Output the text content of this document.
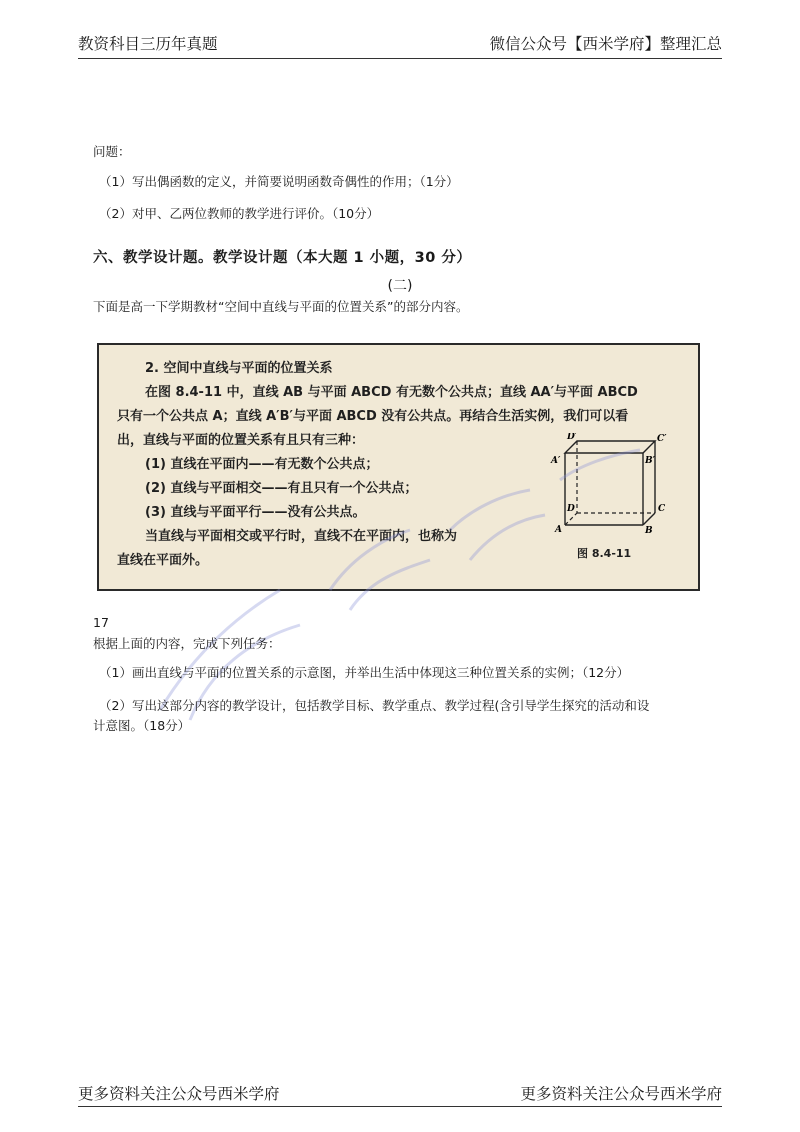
教资科目三历年真题	微信公众号【西米学府】整理汇总
问题：
（1）写出偶函数的定义，并简要说明函数奇偶性的作用；（1分）
（2）对甲、乙两位教师的教学进行评价。（10分）
六、教学设计题。教学设计题（本大题 1 小题，30 分）
(二)
下面是高一下学期教材“空间中直线与平面的位置关系”的部分内容。
2. 空间中直线与平面的位置关系
在图 8.4-11 中，直线 AB 与平面 ABCD 有无数个公共点；直线 AA′与平面 ABCD
只有一个公共点 A；直线 A′B′与平面 ABCD 没有公共点。再结合生活实例，我们可以看
出，直线与平面的位置关系有且只有三种：
(1) 直线在平面内——有无数个公共点；
(2) 直线与平面相交——有且只有一个公共点；
(3) 直线与平面平行——没有公共点。
当直线与平面相交或平行时，直线不在平面内，也称为
直线在平面外。
D′	C′
A′	B′
D	C
A	B
图 8.4-11
17
根据上面的内容，完成下列任务：
（1）画出直线与平面的位置关系的示意图，并举出生活中体现这三种位置关系的实例；（12分）
（2）写出这部分内容的教学设计，包括教学目标、教学重点、教学过程(含引导学生探究的活动和设
计意图。（18分）
更多资料关注公众号西米学府	更多资料关注公众号西米学府
